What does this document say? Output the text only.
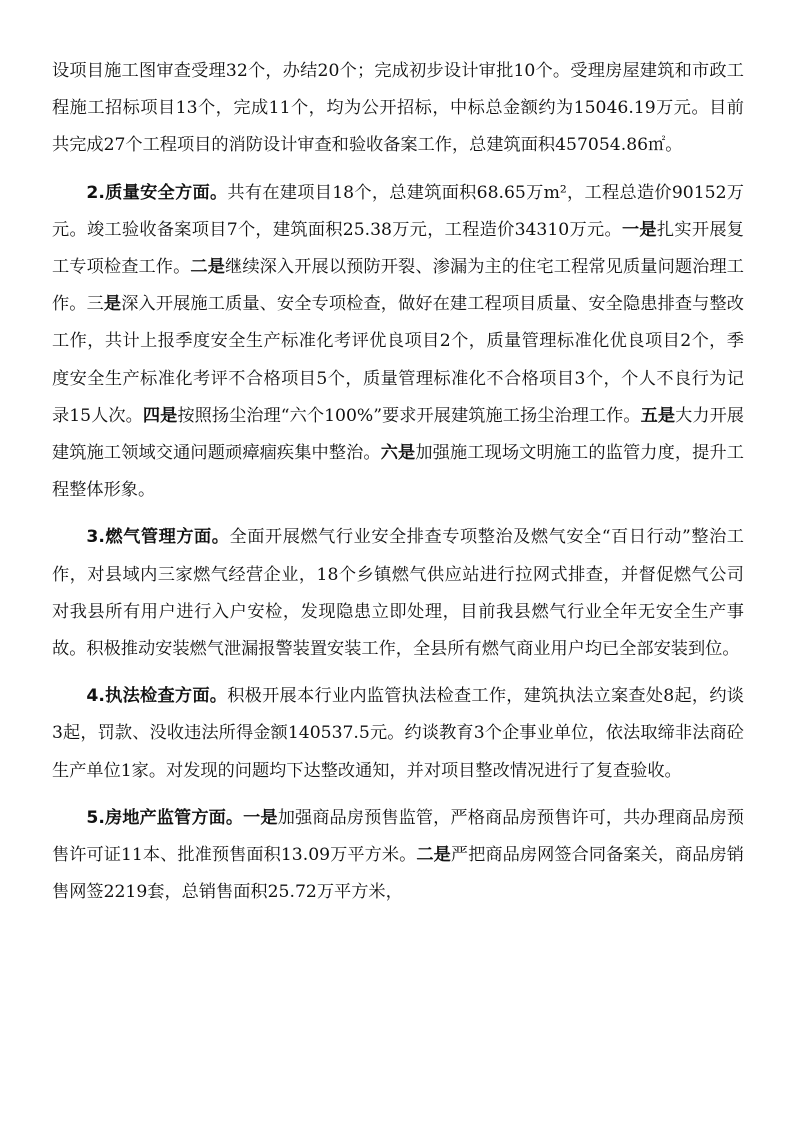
设项目施工图审查受理32个，办结20个；完成初步设计审批10个。受理房屋建筑和市政工程施工招标项目13个，完成11个，均为公开招标，中标总金额约为15046.19万元。目前共完成27个工程项目的消防设计审查和验收备案工作，总建筑面积457054.86㎡。

2.质量安全方面。共有在建项目18个，总建筑面积68.65万m²，工程总造价90152万元。竣工验收备案项目7个，建筑面积25.38万元，工程造价34310万元。一是扎实开展复工专项检查工作。二是继续深入开展以预防开裂、渗漏为主的住宅工程常见质量问题治理工作。三是深入开展施工质量、安全专项检查，做好在建工程项目质量、安全隐患排查与整改工作，共计上报季度安全生产标准化考评优良项目2个，质量管理标准化优良项目2个，季度安全生产标准化考评不合格项目5个，质量管理标准化不合格项目3个，个人不良行为记录15人次。四是按照扬尘治理“六个100%”要求开展建筑施工扬尘治理工作。五是大力开展建筑施工领域交通问题顽瘴痼疾集中整治。六是加强施工现场文明施工的监管力度，提升工程整体形象。

3.燃气管理方面。全面开展燃气行业安全排查专项整治及燃气安全“百日行动”整治工作，对县域内三家燃气经营企业，18个乡镇燃气供应站进行拉网式排查，并督促燃气公司对我县所有用户进行入户安检，发现隐患立即处理，目前我县燃气行业全年无安全生产事故。积极推动安装燃气泄漏报警装置安装工作，全县所有燃气商业用户均已全部安装到位。

4.执法检查方面。积极开展本行业内监管执法检查工作，建筑执法立案查处8起，约谈3起，罚款、没收违法所得金额140537.5元。约谈教育3个企事业单位，依法取缔非法商砼生产单位1家。对发现的问题均下达整改通知，并对项目整改情况进行了复查验收。

5.房地产监管方面。一是加强商品房预售监管，严格商品房预售许可，共办理商品房预售许可证11本、批准预售面积13.09万平方米。二是严把商品房网签合同备案关，商品房销售网签2219套，总销售面积25.72万平方米，
